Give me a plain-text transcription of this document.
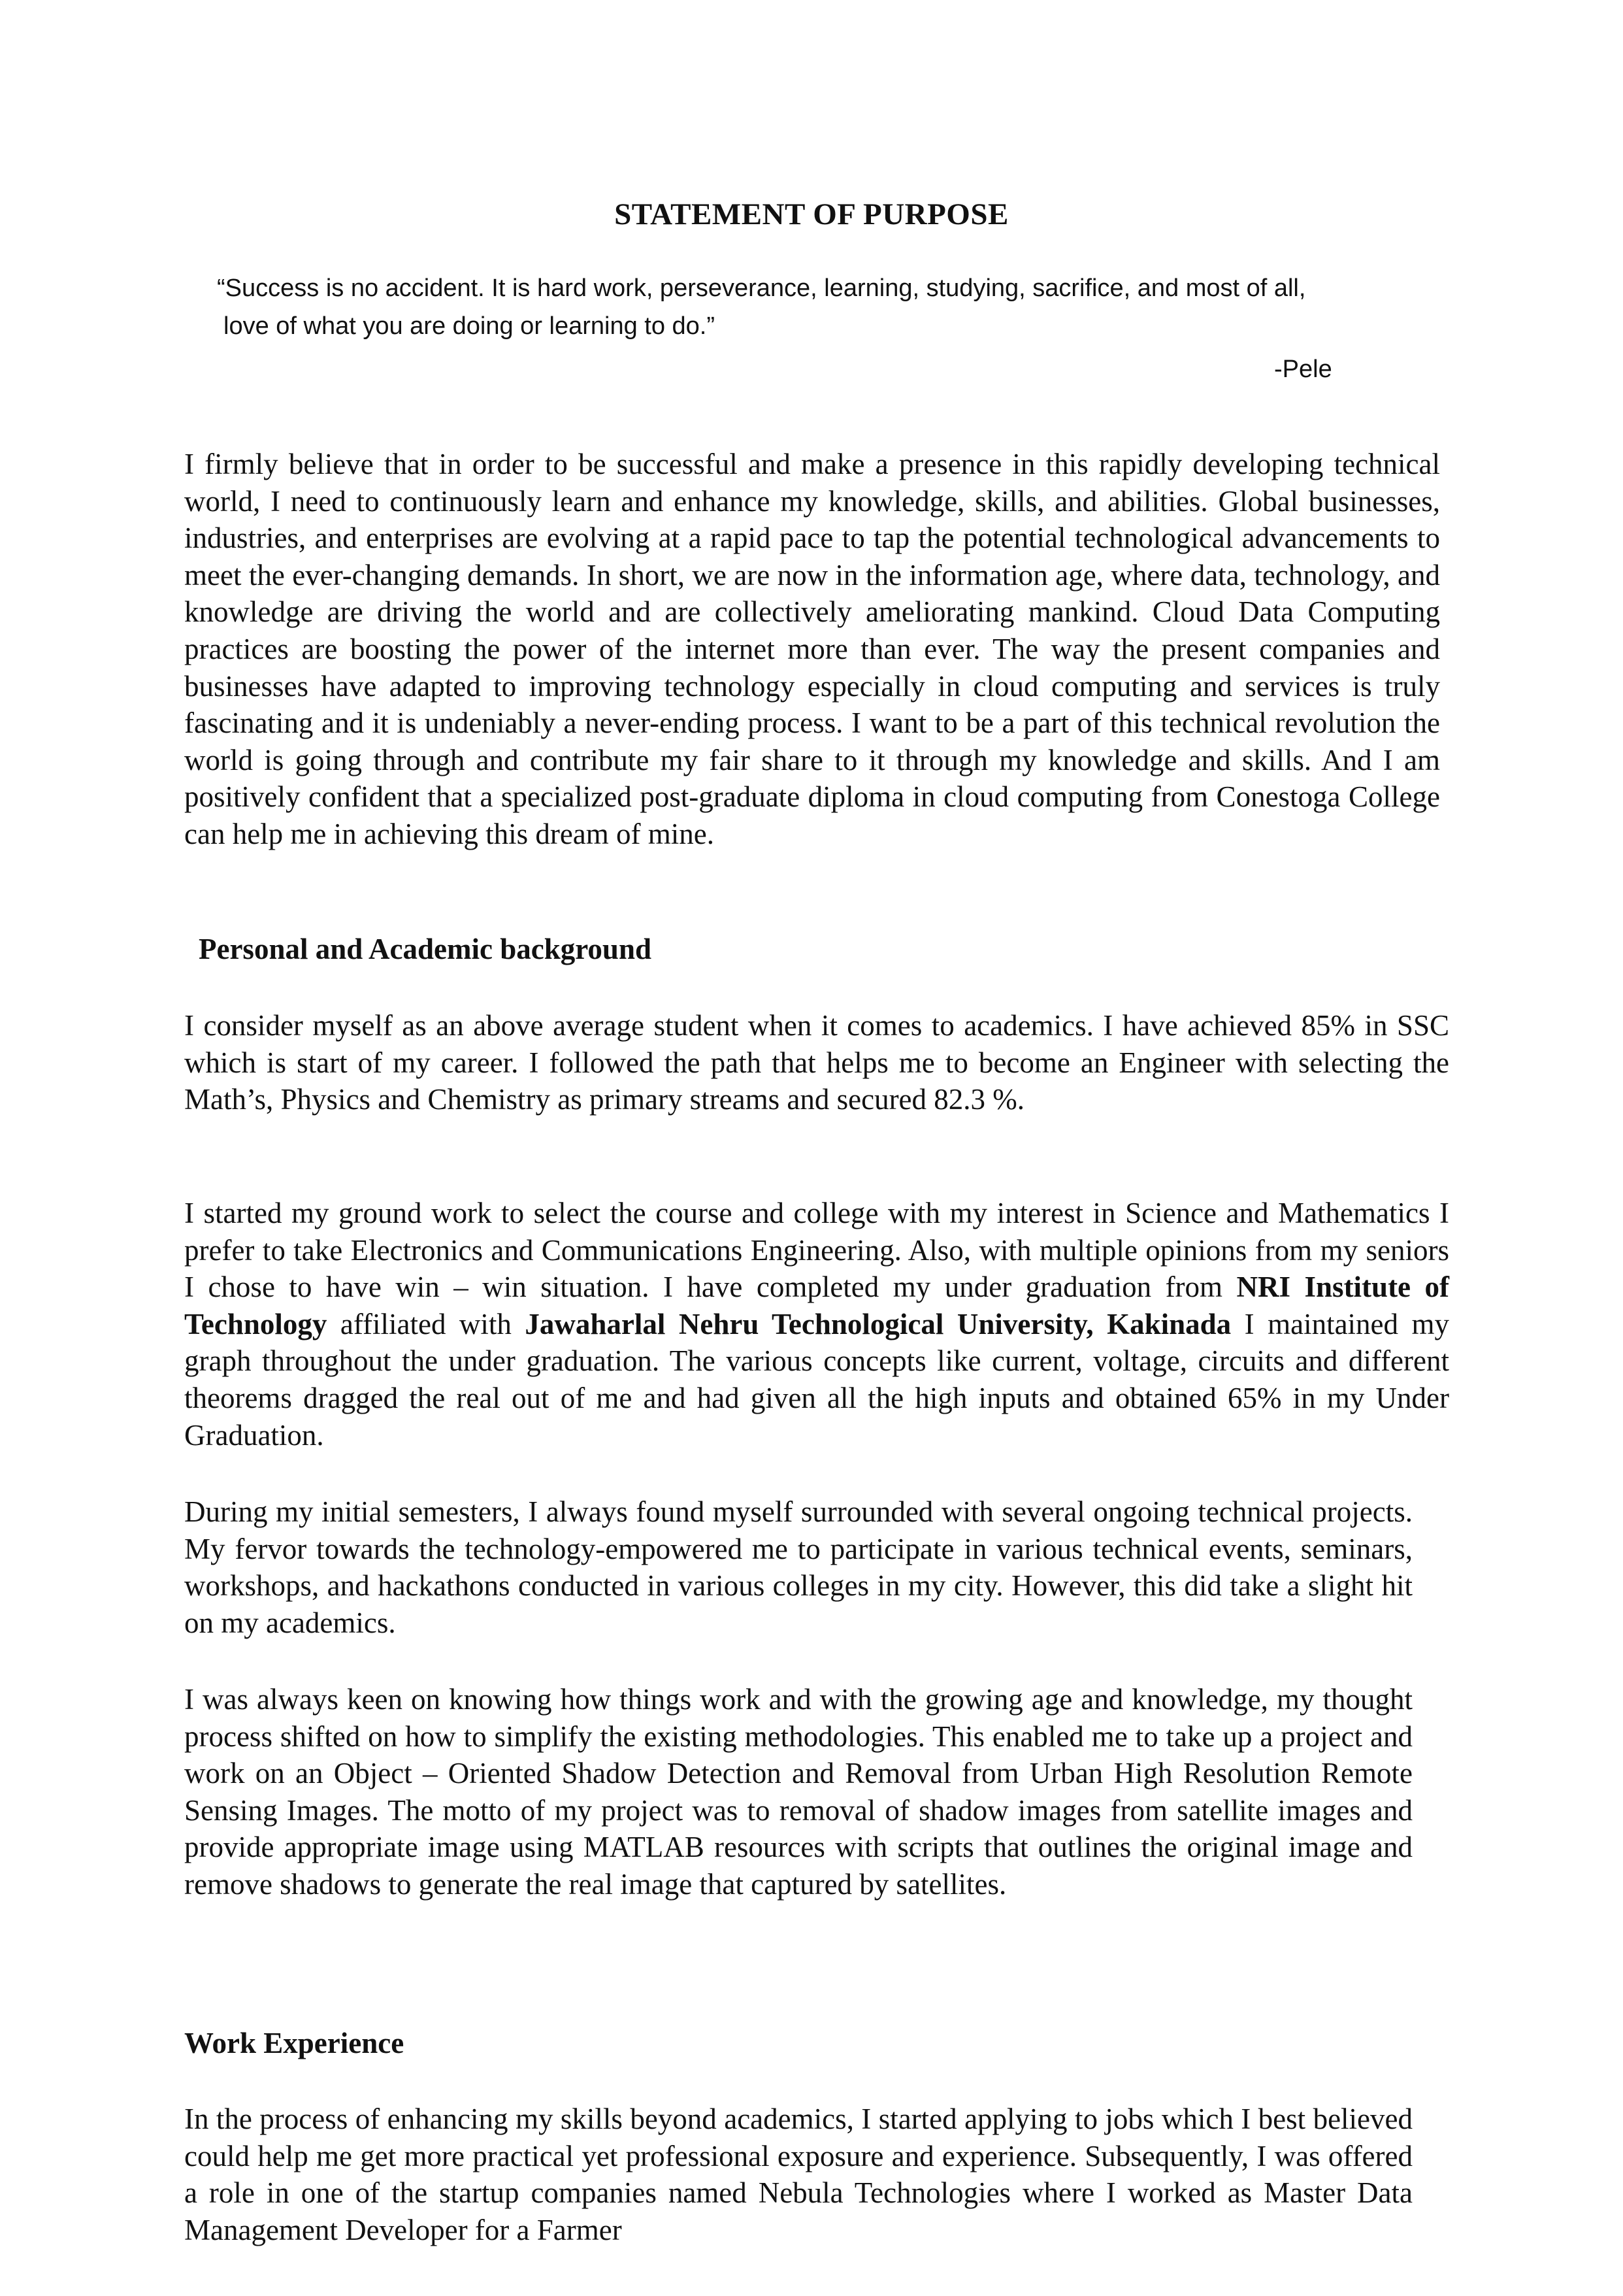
STATEMENT OF PURPOSE
“Success is no accident. It is hard work, perseverance, learning, studying, sacrifice, and most of all,
love of what you are doing or learning to do.”
-Pele

I firmly believe that in order to be successful and make a presence in this rapidly developing technical world, I need to continuously learn and enhance my knowledge, skills, and abilities. Global businesses, industries, and enterprises are evolving at a rapid pace to tap the potential technological advancements to meet the ever-changing demands. In short, we are now in the information age, where data, technology, and knowledge are driving the world and are collectively ameliorating mankind. Cloud Data Computing practices are boosting the power of the internet more than ever. The way the present companies and businesses have adapted to improving technology especially in cloud computing and services is truly fascinating and it is undeniably a never-ending process. I want to be a part of this technical revolution the world is going through and contribute my fair share to it through my knowledge and skills. And I am positively confident that a specialized post-graduate diploma in cloud computing from Conestoga College can help me in achieving this dream of mine.

Personal and Academic background

I consider myself as an above average student when it comes to academics. I have achieved 85% in SSC which is start of my career. I followed the path that helps me to become an Engineer with selecting the Math’s, Physics and Chemistry as primary streams and secured 82.3 %.

I started my ground work to select the course and college with my interest in Science and Mathematics I prefer to take Electronics and Communications Engineering. Also, with multiple opinions from my seniors I chose to have win – win situation. I have completed my under graduation from NRI Institute of Technology affiliated with Jawaharlal Nehru Technological University, Kakinada I maintained my graph throughout the under graduation. The various concepts like current, voltage, circuits and different theorems dragged the real out of me and had given all the high inputs and obtained 65% in my Under Graduation.

During my initial semesters, I always found myself surrounded with several ongoing technical projects. My fervor towards the technology-empowered me to participate in various technical events, seminars, workshops, and hackathons conducted in various colleges in my city. However, this did take a slight hit on my academics.

I was always keen on knowing how things work and with the growing age and knowledge, my thought process shifted on how to simplify the existing methodologies. This enabled me to take up a project and work on an Object – Oriented Shadow Detection and Removal from Urban High Resolution Remote Sensing Images. The motto of my project was to removal of shadow images from satellite images and provide appropriate image using MATLAB resources with scripts that outlines the original image and remove shadows to generate the real image that captured by satellites.

Work Experience

In the process of enhancing my skills beyond academics, I started applying to jobs which I best believed could help me get more practical yet professional exposure and experience. Subsequently, I was offered a role in one of the startup companies named Nebula Technologies where I worked as Master Data Management Developer for a Farmer
